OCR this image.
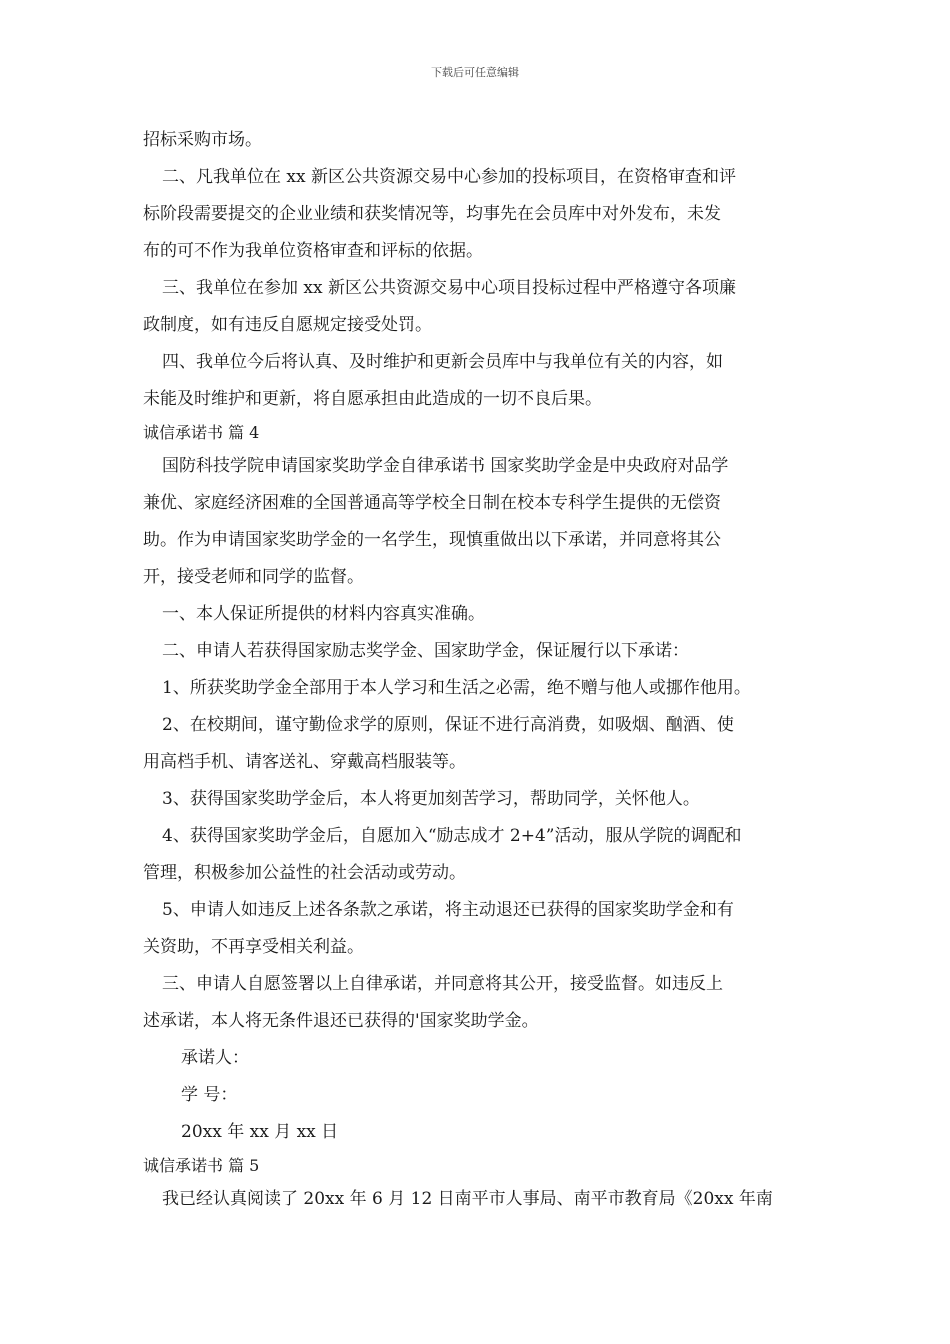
下载后可任意编辑
招标采购市场。
二、凡我单位在 xx 新区公共资源交易中心参加的投标项目，在资格审查和评
标阶段需要提交的企业业绩和获奖情况等，均事先在会员库中对外发布，未发
布的可不作为我单位资格审查和评标的依据。
三、我单位在参加 xx 新区公共资源交易中心项目投标过程中严格遵守各项廉
政制度，如有违反自愿规定接受处罚。
四、我单位今后将认真、及时维护和更新会员库中与我单位有关的内容，如
未能及时维护和更新，将自愿承担由此造成的一切不良后果。
诚信承诺书 篇 4
国防科技学院申请国家奖助学金自律承诺书 国家奖助学金是中央政府对品学
兼优、家庭经济困难的全国普通高等学校全日制在校本专科学生提供的无偿资
助。作为申请国家奖助学金的一名学生，现慎重做出以下承诺，并同意将其公
开，接受老师和同学的监督。
一、本人保证所提供的材料内容真实准确。
二、申请人若获得国家励志奖学金、国家助学金，保证履行以下承诺：
1、所获奖助学金全部用于本人学习和生活之必需，绝不赠与他人或挪作他用。
2、在校期间，谨守勤俭求学的原则，保证不进行高消费，如吸烟、酗酒、使
用高档手机、请客送礼、穿戴高档服装等。
3、获得国家奖助学金后，本人将更加刻苦学习，帮助同学，关怀他人。
4、获得国家奖助学金后，自愿加入“励志成才 2+4”活动，服从学院的调配和
管理，积极参加公益性的社会活动或劳动。
5、申请人如违反上述各条款之承诺，将主动退还已获得的国家奖助学金和有
关资助，不再享受相关利益。
三、申请人自愿签署以上自律承诺，并同意将其公开，接受监督。如违反上
述承诺，本人将无条件退还已获得的'国家奖助学金。
承诺人：
学 号：
20xx 年 xx 月 xx 日
诚信承诺书 篇 5
我已经认真阅读了 20xx 年 6 月 12 日南平市人事局、南平市教育局《20xx 年南
